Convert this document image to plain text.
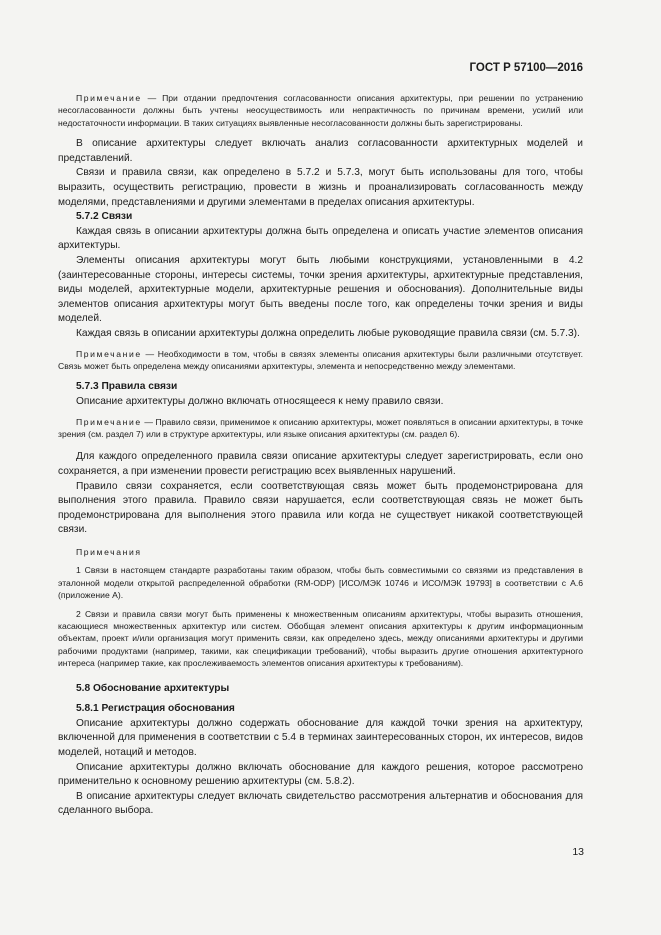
ГОСТ Р 57100—2016

Примечание — При отдании предпочтения согласованности описания архитектуры, при решении по устранению несогласованности должны быть учтены неосуществимость или непрактичность по причинам времени, усилий или недостаточности информации. В таких ситуациях выявленные несогласованности должны быть зарегистрированы.

В описание архитектуры следует включать анализ согласованности архитектурных моделей и представлений.

Связи и правила связи, как определено в 5.7.2 и 5.7.3, могут быть использованы для того, чтобы выразить, осуществить регистрацию, провести в жизнь и проанализировать согласованность между моделями, представлениями и другими элементами в пределах описания архитектуры.

5.7.2 Связи

Каждая связь в описании архитектуры должна быть определена и описать участие элементов описания архитектуры.

Элементы описания архитектуры могут быть любыми конструкциями, установленными в 4.2 (заинтересованные стороны, интересы системы, точки зрения архитектуры, архитектурные представления, виды моделей, архитектурные модели, архитектурные решения и обоснования). Дополнительные виды элементов описания архитектуры могут быть введены после того, как определены точки зрения и виды моделей.

Каждая связь в описании архитектуры должна определить любые руководящие правила связи (см. 5.7.3).

Примечание — Необходимости в том, чтобы в связях элементы описания архитектуры были различными отсутствует. Связь может быть определена между описаниями архитектуры, элемента и непосредственно между элементами.

5.7.3 Правила связи

Описание архитектуры должно включать относящееся к нему правило связи.

Примечание — Правило связи, применимое к описанию архитектуры, может появляться в описании архитектуры, в точке зрения (см. раздел 7) или в структуре архитектуры, или языке описания архитектуры (см. раздел 6).

Для каждого определенного правила связи описание архитектуры следует зарегистрировать, если оно сохраняется, а при изменении провести регистрацию всех выявленных нарушений.

Правило связи сохраняется, если соответствующая связь может быть продемонстрирована для выполнения этого правила. Правило связи нарушается, если соответствующая связь не может быть продемонстрирована для выполнения этого правила или когда не существует никакой соответствующей связи.

Примечания

1 Связи в настоящем стандарте разработаны таким образом, чтобы быть совместимыми со связями из представления в эталонной модели открытой распределенной обработки (RM-ODP) [ИСО/МЭК 10746 и ИСО/МЭК 19793] в соответствии с А.6 (приложение А).

2 Связи и правила связи могут быть применены к множественным описаниям архитектуры, чтобы выразить отношения, касающиеся множественных архитектур или систем. Обобщая элемент описания архитектуры к другим информационным объектам, проект и/или организация могут применить связи, как определено здесь, между описаниями архитектуры и другими рабочими продуктами (например, такими, как спецификации требований), чтобы выразить другие отношения архитектурного интереса (например такие, как прослеживаемость элементов описания архитектуры к требованиям).

5.8 Обоснование архитектуры

5.8.1 Регистрация обоснования

Описание архитектуры должно содержать обоснование для каждой точки зрения на архитектуру, включенной для применения в соответствии с 5.4 в терминах заинтересованных сторон, их интересов, видов моделей, нотаций и методов.

Описание архитектуры должно включать обоснование для каждого решения, которое рассмотрено применительно к основному решению архитектуры (см. 5.8.2).

В описание архитектуры следует включать свидетельство рассмотрения альтернатив и обоснования для сделанного выбора.

13
